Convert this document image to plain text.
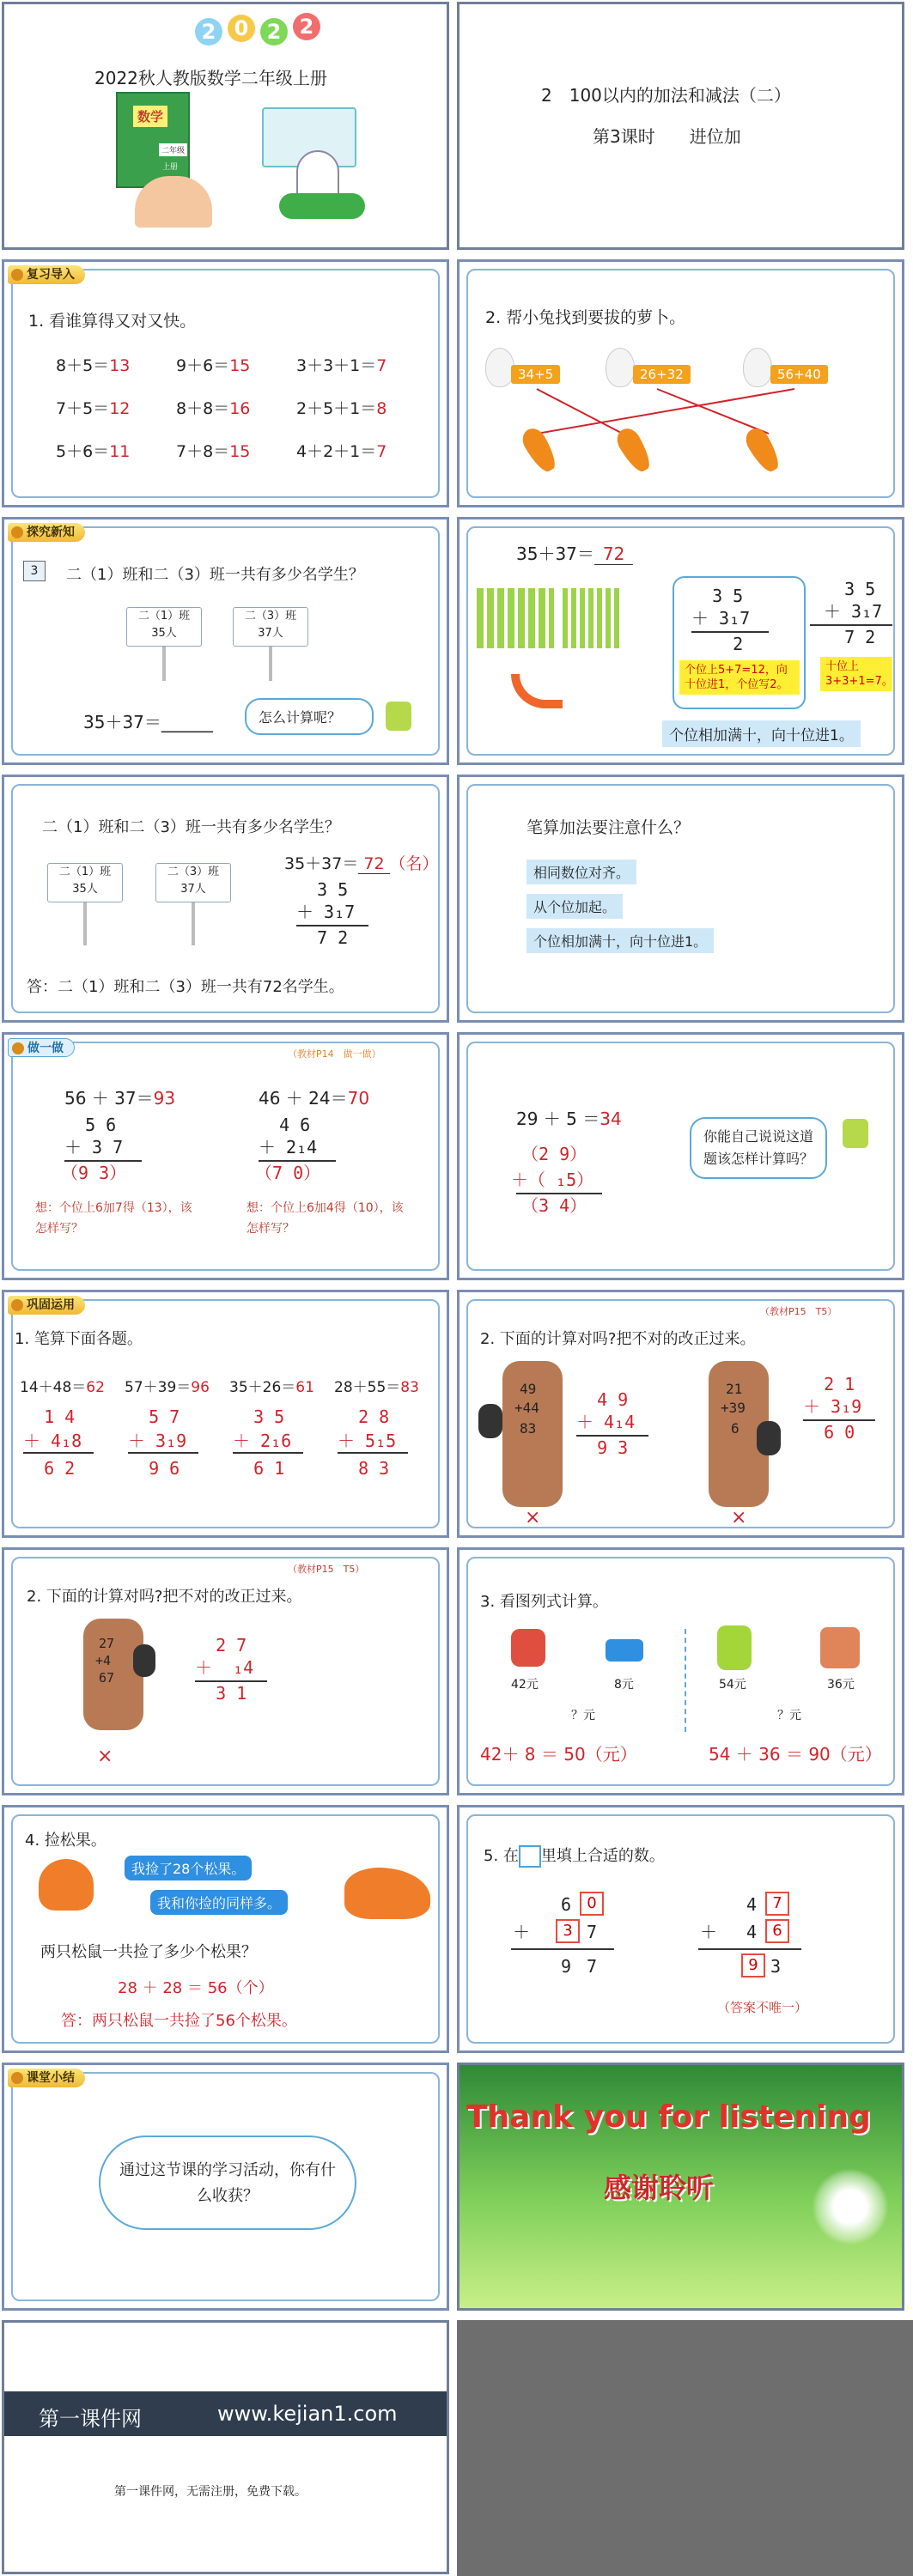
2 0 2 2
2022秋人教版数学二年级上册
数学
二年级
上册
2　100以内的加法和减法（二）
第3课时　　进位加
复习导入
1. 看谁算得又对又快。
8＋5＝13	9＋6＝15	3＋3＋1＝7
7＋5＝12	8＋8＝16	2＋5＋1＝8
5＋6＝11	7＋8＝15	4＋2＋1＝7
2. 帮小兔找到要拔的萝卜。
34+5	26+32	56+40
探究新知
3	二（1）班和二（3）班一共有多少名学生？
二（1）班
35人
二（3）班
37人
35＋37＝______	怎么计算呢？
35＋37＝ 72
3 5
＋ 3₁7
2
个位上5+7=12，向十位进1，个位写2。
3 5
＋ 3₁7
7 2
十位上3+3+1=7。
个位相加满十，向十位进1。
二（1）班和二（3）班一共有多少名学生？
二（1）班
35人
二（3）班
37人
35＋37＝ 72 （名）
3 5
＋ 3₁7
7 2
答：二（1）班和二（3）班一共有72名学生。
笔算加法要注意什么？
相同数位对齐。
从个位加起。
个位相加满十，向十位进1。
做一做	（教材P14　做一做）
56 ＋ 37＝93
5 6
＋ 3 7
（9 3）
想：个位上6加7得（13），该怎样写？
46 ＋ 24＝70
4 6
＋ 2₁4
（7 0）
想：个位上6加4得（10），该怎样写？
29 ＋ 5 ＝34
（2 9）
＋（ ₁5）
（3 4）
你能自己说说这道题该怎样计算吗？
巩固运用
1. 笔算下面各题。
14＋48＝62
1 4
＋ 4₁8
6 2
57＋39＝96
5 7
＋ 3₁9
9 6
35＋26＝61
3 5
＋ 2₁6
6 1
28＋55＝83
2 8
＋ 5₁5
8 3
（教材P15　T5）
2. 下面的计算对吗?把不对的改正过来。
49
+44
83
×
4 9
＋ 4₁4
9 3
21
+39
6
×
2 1
＋ 3₁9
6 0
（教材P15　T5）
2. 下面的计算对吗?把不对的改正过来。
27
+4
67
×
2 7
＋  ₁4
3 1
3. 看图列式计算。
42元	8元
？元
54元	36元
？元
42＋ 8 ＝ 50（元）	54 ＋ 36 ＝ 90（元）
4. 捡松果。
我捡了28个松果。
我和你捡的同样多。
两只松鼠一共捡了多少个松果？
28 ＋ 28 ＝ 56（个）
答：两只松鼠一共捡了56个松果。
5. 在 里填上合适的数。
6	0
＋	3 7
9 7
4	7
＋ 4	6
9 3
（答案不唯一）
课堂小结
通过这节课的学习活动，你有什么收获？
Thank you for listening
感谢聆听
第一课件网	www.kejian1.com
第一课件网，无需注册，免费下载。
